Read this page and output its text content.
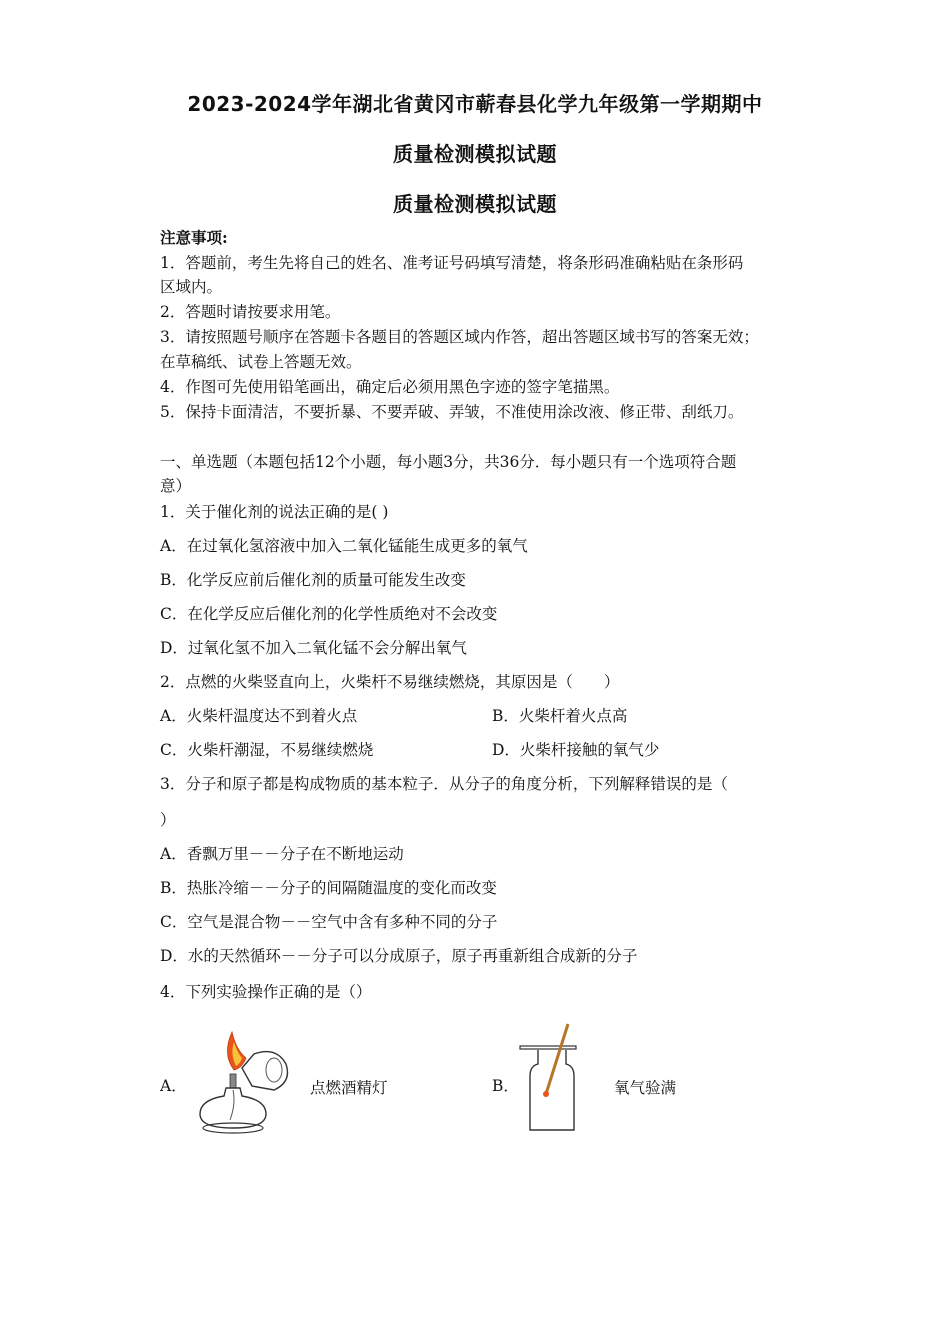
2023-2024学年湖北省黄冈市蕲春县化学九年级第一学期期中
质量检测模拟试题
质量检测模拟试题
注意事项:
1．答题前，考生先将自己的姓名、准考证号码填写清楚，将条形码准确粘贴在条形码
区域内。
2．答题时请按要求用笔。
3．请按照题号顺序在答题卡各题目的答题区域内作答，超出答题区域书写的答案无效；
在草稿纸、试卷上答题无效。
4．作图可先使用铅笔画出，确定后必须用黑色字迹的签字笔描黑。
5．保持卡面清洁，不要折暴、不要弄破、弄皱，不准使用涂改液、修正带、刮纸刀。
一、单选题（本题包括12个小题，每小题3分，共36分．每小题只有一个选项符合题
意）
1．关于催化剂的说法正确的是( )
A．在过氧化氢溶液中加入二氧化锰能生成更多的氧气
B．化学反应前后催化剂的质量可能发生改变
C．在化学反应后催化剂的化学性质绝对不会改变
D．过氧化氢不加入二氧化锰不会分解出氧气
2．点燃的火柴竖直向上，火柴杆不易继续燃烧，其原因是（　　）
A．火柴杆温度达不到着火点	B．火柴杆着火点高
C．火柴杆潮湿，不易继续燃烧	D．火柴杆接触的氧气少
3．分子和原子都是构成物质的基本粒子．从分子的角度分析，下列解释错误的是（
）
A．香飘万里－－分子在不断地运动
B．热胀冷缩－－分子的间隔随温度的变化而改变
C．空气是混合物－－空气中含有多种不同的分子
D．水的天然循环－－分子可以分成原子，原子再重新组合成新的分子
4．下列实验操作正确的是（）
A．	点燃酒精灯	B．	氧气验满
